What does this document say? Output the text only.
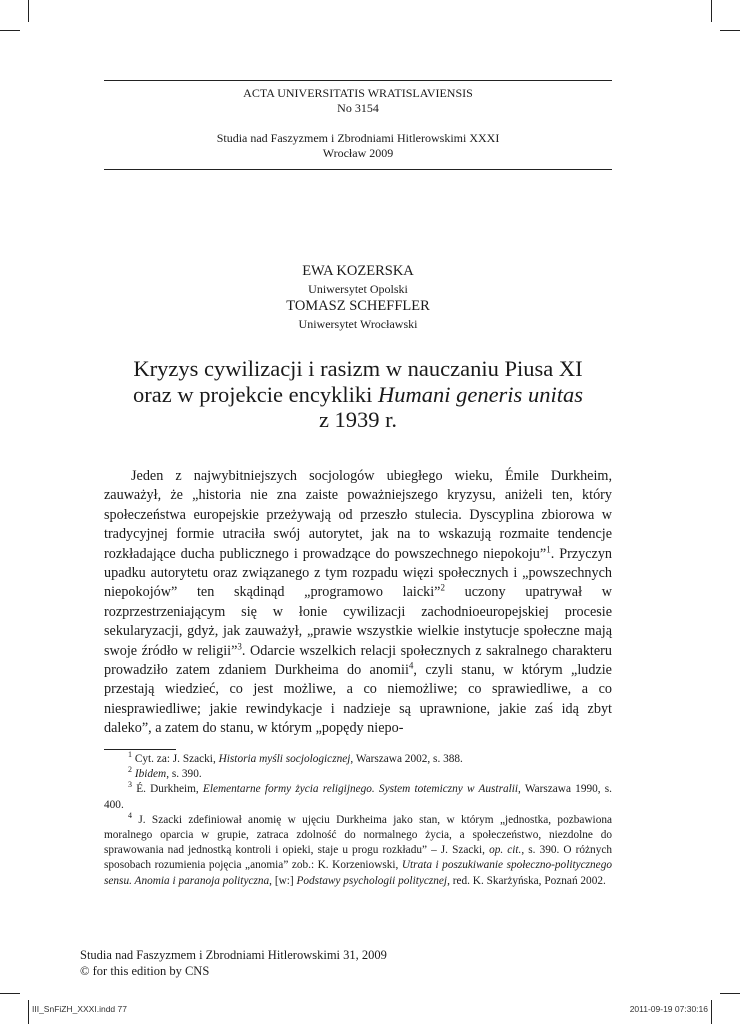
ACTA UNIVERSITATIS WRATISLAVIENSIS
No 3154
Studia nad Faszyzmem i Zbrodniami Hitlerowskimi XXXI
Wrocław 2009
EWA KOZERSKA
Uniwersytet Opolski
TOMASZ SCHEFFLER
Uniwersytet Wrocławski
Kryzys cywilizacji i rasizm w nauczaniu Piusa XI
oraz w projekcie encykliki Humani generis unitas
z 1939 r.

Jeden z najwybitniejszych socjologów ubiegłego wieku, Émile Durkheim, zauważył, że „historia nie zna zaiste poważniejszego kryzysu, aniżeli ten, który społeczeństwa europejskie przeżywają od przeszło stulecia. Dyscyplina zbiorowa w tradycyjnej formie utraciła swój autorytet, jak na to wskazują rozmaite tendencje rozkładające ducha publicznego i prowadzące do powszechnego niepokoju”$^1$. Przyczyn upadku autorytetu oraz związanego z tym rozpadu więzi społecznych i „powszechnych niepokojów” ten skądinąd „programowo laicki”$^2$ uczony upatrywał w rozprzestrzeniającym się w łonie cywilizacji zachodnioeuropejskiej procesie sekularyzacji, gdyż, jak zauważył, „prawie wszystkie wielkie instytucje społeczne mają swoje źródło w religii”$^3$. Odarcie wszelkich relacji społecznych z sakralnego charakteru prowadziło zatem zdaniem Durkheima do anomii$^4$, czyli stanu, w którym „ludzie przestają wiedzieć, co jest możliwe, a co niemożliwe; co sprawiedliwe, a co niesprawiedliwe; jakie rewindykacje i nadzieje są uprawnione, jakie zaś idą zbyt daleko”, a zatem do stanu, w którym „popędy niepo-

$^1$ Cyt. za: J. Szacki, Historia myśli socjologicznej, Warszawa 2002, s. 388.

$^2$ Ibidem, s. 390.

$^3$ É. Durkheim, Elementarne formy życia religijnego. System totemiczny w Australii, Warszawa 1990, s. 400.

$^4$ J. Szacki zdefiniował anomię w ujęciu Durkheima jako stan, w którym „jednostka, pozbawiona moralnego oparcia w grupie, zatraca zdolność do normalnego życia, a społeczeństwo, niezdolne do sprawowania nad jednostką kontroli i opieki, staje u progu rozkładu” – J. Szacki, op. cit., s. 390. O różnych sposobach rozumienia pojęcia „anomia” zob.: K. Korzeniowski, Utrata i poszukiwanie społeczno-politycznego sensu. Anomia i paranoja polityczna, [w:] Podstawy psychologii politycznej, red. K. Skarżyńska, Poznań 2002.

Studia nad Faszyzmem i Zbrodniami Hitlerowskimi 31, 2009
© for this edition by CNS
III_SnFiZH_XXXI.indd 77	2011-09-19 07:30:16
